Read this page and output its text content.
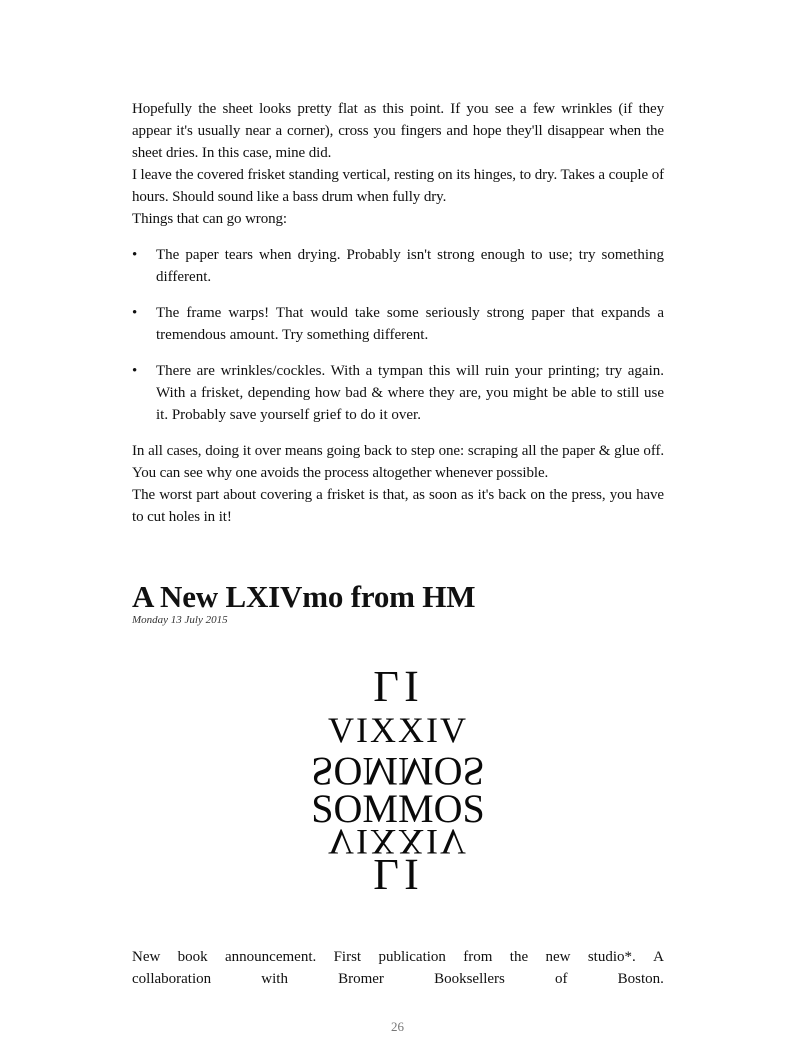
Hopefully the sheet looks pretty flat as this point. If you see a few wrinkles (if they appear it's usually near a corner), cross you fingers and hope they'll disappear when the sheet dries. In this case, mine did.

I leave the covered frisket standing vertical, resting on its hinges, to dry. Takes a couple of hours. Should sound like a bass drum when fully dry.

Things that can go wrong:

• The paper tears when drying. Probably isn't strong enough to use; try something different.
• The frame warps! That would take some seriously strong paper that expands a tremendous amount. Try something different.
• There are wrinkles/cockles. With a tympan this will ruin your printing; try again. With a frisket, depending how bad & where they are, you might be able to still use it. Probably save yourself grief to do it over.

In all cases, doing it over means going back to step one: scraping all the paper & glue off. You can see why one avoids the process altogether whenever possible.

The worst part about covering a frisket is that, as soon as it's back on the press, you have to cut holes in it!

A New LXIVmo from HM
Monday 13 July 2015
LI
VIXXIV
SOMMOS
SOMMOS
VIXXIV
LI
New book announcement. First publication from the new studio*. A
collaboration	with	Bromer	Booksellers	of	Boston.
26
